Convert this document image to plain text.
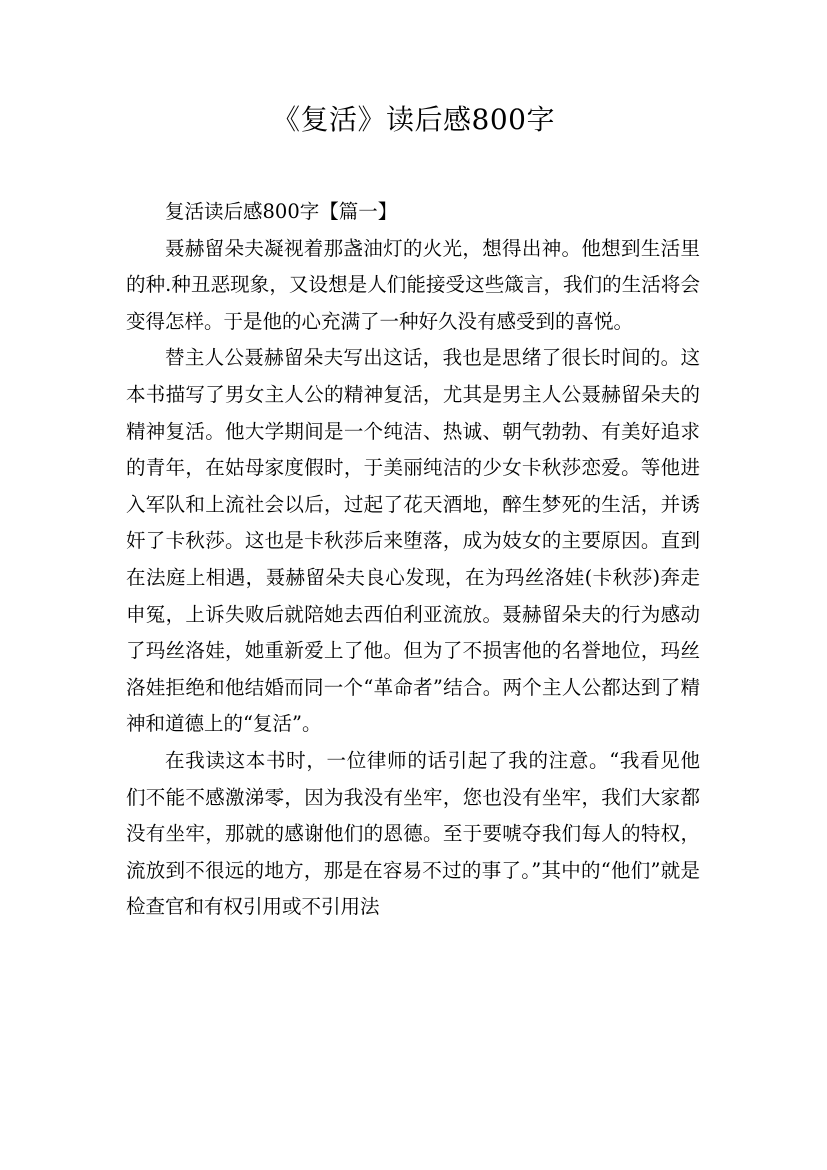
《复活》读后感800字

复活读后感800字【篇一】

聂赫留朵夫凝视着那盏油灯的火光，想得出神。他想到生活里的种.种丑恶现象，又设想是人们能接受这些箴言，我们的生活将会变得怎样。于是他的心充满了一种好久没有感受到的喜悦。

替主人公聂赫留朵夫写出这话，我也是思绪了很长时间的。这本书描写了男女主人公的精神复活，尤其是男主人公聂赫留朵夫的精神复活。他大学期间是一个纯洁、热诚、朝气勃勃、有美好追求的青年，在姑母家度假时，于美丽纯洁的少女卡秋莎恋爱。等他进入军队和上流社会以后，过起了花天酒地，醉生梦死的生活，并诱奸了卡秋莎。这也是卡秋莎后来堕落，成为妓女的主要原因。直到在法庭上相遇，聂赫留朵夫良心发现，在为玛丝洛娃(卡秋莎)奔走申冤，上诉失败后就陪她去西伯利亚流放。聂赫留朵夫的行为感动了玛丝洛娃，她重新爱上了他。但为了不损害他的名誉地位，玛丝洛娃拒绝和他结婚而同一个“革命者”结合。两个主人公都达到了精神和道德上的“复活”。

在我读这本书时，一位律师的话引起了我的注意。“我看见他们不能不感激涕零，因为我没有坐牢，您也没有坐牢，我们大家都没有坐牢，那就的感谢他们的恩德。至于要唬夺我们每人的特权，流放到不很远的地方，那是在容易不过的事了。”其中的“他们”就是检查官和有权引用或不引用法
